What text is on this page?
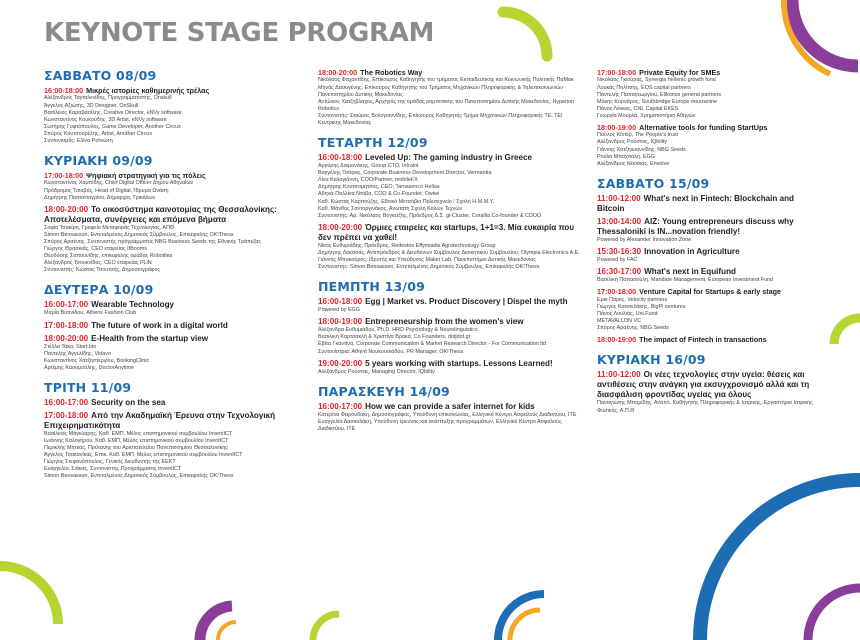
KEYNOTE STAGE PROGRAM
ΣΑΒΒΑΤΟ 08/09
16:00-18:00 Μικρές ιστορίες καθημερινής τρέλας
Αλέξανδρος Ταγταλενίδης, Προγραμματιστής, Onskull
Άγγελος Αξιώτης, 3D Designer, OnSkull
Βασίλειος Καραβασίλης, Creative Director, eNVy software
Κωνσταντίνος Κουκούδης, 3D Artist, eNVy software
Σωτήρης Γυφτόπουλος, Game Developer, Another Circus
Σπύρος Κουτσουρέλης, Artist, Another Circus
Συντονισμός: Ελίνα Ροϊνιώτη
ΚΥΡΙΑΚΗ 09/09
17:00-18:00 Ψηφιακή στρατηγική για τις πόλεις
Κωνσταντίνος Χαμπίδης, Chief Digital Officer Δήμου Αθηναίων
Πρόδρομος Τσιαβός, Head of Digital, Ίδρυμα Ωνάση
Δημήτρης Παπασταγρίου, Δήμαρχος Τρικάλων
18:00-20:00 Το οικοσύστημα καινοτομίας της Θεσσαλονίκης: Αποτελέσματα, συνέργειες και επόμενα βήματα
Σοφία Τσακίρη, Γραφείο Μεταφοράς Τεχνολογίας, ΑΠΘ
Simon Bensasson, Εντεταλμένος Δημοτικός Σύμβουλος, Επικεφαλής OK!Thess
Σπύρος Αρσένης, Συντονιστής προγράμματος NBG Business Seeds της Εθνικής Τράπεζας
Γιώργος Θρασκιάς, CEO εταιρείας ItBooms
Θεοδόσης Σαπουνίδης, επικεφαλής ομάδας Robotiles
Αλέξανδρος Τσουκνίδας, CEO εταιρείας PLiN
Συντονιστής: Κώστας Τσουτσής, Δημοσιογράφος
ΔΕΥΤΕΡΑ 10/09
16:00-17:00 Wearable Technology
Μαρία Βυτινίδου, Athens Fashion Club
17:00-18:00 The future of work in a digital world
18:00-20:00 E-Health from the startup view
Στέλλα Τάκα, Start.bio
Παντελής Αγγελίδης, Vidavo
Κωνσταντίνος Χατζηστεργίου, BookingClinic
Αρτέμης Κασομούλης, DoctorAnytime
ΤΡΙΤΗ 11/09
16:00-17:00 Security on the sea
17:00-18:00 Από την Ακαδημαϊκή Έρευνα στην Τεχνολογική Επιχειρηματικότητα
Βασίλειος Μάγκλαρης, Καθ. ΕΜΠ, Μέλος επιστημονικού συμβουλίου InventICT
Ιωάννης Καλογήρου, Καθ. ΕΜΠ, Μέλος επιστημονικού συμβουλίου InventICT
Περικλής Μήτκας, Πρύτανης του Αριστοτελείου Πανεπιστημίου Θεσσαλονίκης
Άγγελος Τσακανίκας, Επικ. Καθ. ΕΜΠ, Μέλος επιστημονικού συμβουλίου InventICT
Γιώργος Στεφανόπουλος, Γενικός Διευθυντής της ΕΕΚΤ
Ευάγγελος Σιάκας, Συντονιστής Προγράμματος InventICT
Simon Bensasson, Εντεταλμένος Δημοτικός Σύμβουλος, Επικεφαλής OK!Thess
18:00-20:00 The Robotics Way
Νικόλαος Φαχαντίδης, Επίκουρος Καθηγητής του τμήματος Εκπαιδευτικής και Κοινωνικής Πολιτικής ΠαΜακ
Μηνάς Δασυγένης, Επίκουρος Καθηγητής του Τμήματος Μηχανικών Πληροφορικής & Τηλεπικοινωνιών Πανεπιστημίου Δυτικής Μακεδονίας
Αντώνιος Χατζηβλαχος, Αρχηγός της ομάδας ρομποτικής του Πανεπιστημίου Δυτικής Μακεδονίας, Hyperion Robotics
Συντονιστής: Σταύρος Βολογιαννίδης, Επίκουρος Καθηγητής Τμήμα Μηχανικών Πληροφορικής ΤΕ, ΤΕΙ Κεντρικής Μακεδονίας
ΤΕΤΑΡΤΗ 12/09
16:00-18:00 Leveled Up: The gaming industry in Greece
Αργύρης Δαιμονάκης, Group CTO, Intralot
Βαγγέλης Τσόφας, Corporate Business Development Director, Vermantia
Λίνα Καλογιάννη, COO/Partner, mobileFX
Δημήτρης Κουτσομήτσος, CEO, Tamasenco Hellas
Αθηνά-Παλλίνα Ντόβα, COO & Co-Founder, Owiwi
Καθ. Κώστας Καρπούζης, Εθνικό Μετσόβιο Πολυτεχνείο / Σχολή Η.Μ.Μ.Υ.
Καθ. Μάνθος Σαντοργινάκος, Ανώτατη Σχολή Καλών Τεχνών
Συντονιστής: Αρ. Νικόλαος Βογιατζής, Πρόεδρος Δ.Σ. gi-Cluster, Corallia Co-founder & CDOO
18:00-20:00 Όρμιες εταιρείες και startups, 1+1=3. Μία ευκαιρία που δεν πρέπει να χαθεί!
Νίκος Ευθυμιάδης, Πρόεδρος, Redestos Effymiadis Agrotechnology Group
Δημήτρης Λοκασάς, Αντιπρόεδρος & Διευθύνων Σύμβουλος Διοικητικού Συμβουλίου, Olympia Electronics A.E.
Γιάννης Μπακούρος, Ιδρυτής και Υπεύθυνος Maker Lab, Πανεπιστήμιο Δυτικής Μακεδονίας
Συντονιστής: Simon Bensasson, Εντεταλμένος Δημοτικός Σύμβουλος, Επικεφαλής OK!Thess
ΠΕΜΠΤΗ 13/09
16:00-18:00 Egg | Market vs. Product Discovery | Dispel the myth
Powered by EGG
18:00-19:00 Entrepreneurship from the women's view
Αλέξανδρα Ευθυμιάδου, Ph.D. HRD Psychology & Neurolinguistics
Βασιλική Καρτσακλή & Χριστίνα Βρακά, Co Founders, dotjdot.gr
Εβίτα Γκαντίνα, Corporate Communication & Market Research Director - For Communication ltd
Συντονίστρια: Αθηνά Νουκουσιάδου, PR Manager, OK!Thess
19:00-20:00 5 years working with startups. Lessons Learned!
Αλέξανδρος Ρούστας, Managing Director, IQbility
ΠΑΡΑΣΚΕΥΗ 14/09
16:00-17:00 How we can provide a safer internet for kids
Κατερίνα Φαρουδάκη, Δημοσιογράφος, Υπεύθυνη επικοινωνίας, Ελληνικό Κέντρο Ασφαλούς Διαδικτύου, ITE
Ευαγγελία Δασκαλάκη, Υπεύθυνη έρευνας και ανάπτυξης προγραμμάτων, Ελληνικό Κέντρο Ασφαλούς Διαδικτύου, ITE
17:00-18:00 Private Equity for SMEs
Νικόλαος Γκιούρας, Synergia hellenic growth fund
Λουκάς Πηλίτσης, EOS capital partners
Παντελής Παπαγεωργίου, Elikonos general partners
Μάκης Κορνάρος, Southbridge Europe mezzanine
Πάνος Λέκκας, CNL Capital EKES
Γεωργία Μουρλά, Χρηματιστήριο Αθηνών
18:00-19:00 Alternative tools for funding StartUps
Παύλος Κίντερ, The People's trust
Αλέξανδρος Ρούστας, IQbility
Γιάννης Χατζηιωαννίδης, NBG Seeds
Ρούλα Μπαχτιαλή, EGG
Αλέξανδρος Νούσιας, Envolve
ΣΑΒΒΑΤΟ 15/09
11:00-12:00 What's next in Fintech: Blockchain and Bitcoin
13:00-14:00 AIZ: Young entrepreneurs discuss why Thessaloniki is IN...novation friendly!
Powered by Alexander Innovation Zone
15:30-16:30 Innovation in Agriculture
Powered by FAC
16:30-17:00 What's next in Equifund
Βασιλική Παπασούλη, Mandate Management, European Investment Fund
17:00-18:00 Venture Capital for Startups & early stage
Ερικ Παρκς, Velocity partners
Γιώργος Κασσελάκης, BigPi ventures
Πάνος Λουλιάς, Uni.Fund
METAVALLON VC
Σπύρος Αρσένης, NBG Seeds
18:00-19:00 The impact of Fintech in transactions
ΚΥΡΙΑΚΗ 16/09
11:00-12:00 Οι νέες τεχνολογίες στην υγεία: θέσεις και αντιθέσεις στην ανάγκη για εκσυγχρονισμό αλλά και τη διασφάλιση φροντίδας υγείας για όλους
Παναγιώτης Μπαμίδης, Αναπλ. Καθηγητής Πληροφορικής & Ιατρικής, Εργαστήριο Ιατρικής Φυσικής, Α.Π.Θ
